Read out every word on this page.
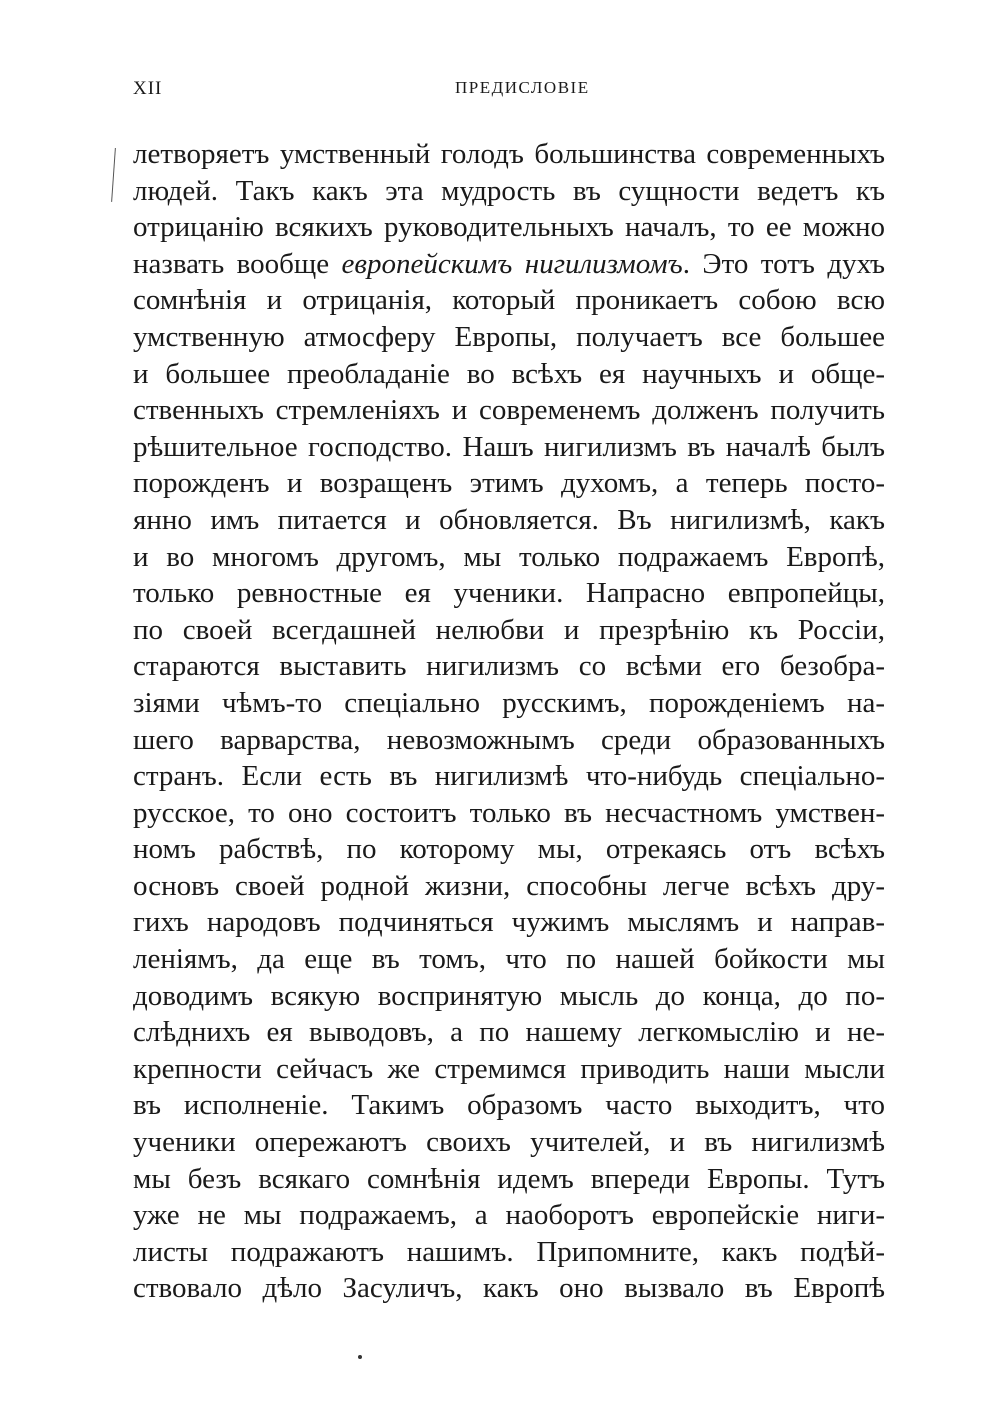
XII	ПРЕДИСЛОВІЕ
летворяетъ умственный голодъ большинства современныхъ
людей. Такъ какъ эта мудрость въ сущности ведетъ къ
отрицанію всякихъ руководительныхъ началъ, то ее можно
назвать вообще европейскимъ нигилизмомъ. Это тотъ духъ
сомнѣнія и отрицанія, который проникаетъ собою всю
умственную атмосферу Европы, получаетъ все большее
и большее преобладаніе во всѣхъ ея научныхъ и обще-
ственныхъ стремленіяхъ и современемъ долженъ получить
рѣшительное господство. Нашъ нигилизмъ въ началѣ былъ
порожденъ и возращенъ этимъ духомъ, а теперь посто-
янно имъ питается и обновляется. Въ нигилизмѣ, какъ
и во многомъ другомъ, мы только подражаемъ Европѣ,
только ревностные ея ученики. Напрасно евпропейцы,
по своей всегдашней нелюбви и презрѣнію къ Россіи,
стараются выставить нигилизмъ со всѣми его безобра-
зіями чѣмъ-то спеціально русскимъ, порожденіемъ на-
шего варварства, невозможнымъ среди образованныхъ
странъ. Если есть въ нигилизмѣ что-нибудь спеціально-
русское, то оно состоитъ только въ несчастномъ умствен-
номъ рабствѣ, по которому мы, отрекаясь отъ всѣхъ
основъ своей родной жизни, способны легче всѣхъ дру-
гихъ народовъ подчиняться чужимъ мыслямъ и направ-
леніямъ, да еще въ томъ, что по нашей бойкости мы
доводимъ всякую воспринятую мысль до конца, до по-
слѣднихъ ея выводовъ, а по нашему легкомыслію и не-
крепности сейчасъ же стремимся приводить наши мысли
въ исполненіе. Такимъ образомъ часто выходитъ, что
ученики опережаютъ своихъ учителей, и въ нигилизмѣ
мы безъ всякаго сомнѣнія идемъ впереди Европы. Тутъ
уже не мы подражаемъ, а наоборотъ европейскіе ниги-
листы подражаютъ нашимъ. Припомните, какъ подѣй-
ствовало дѣло Засуличъ, какъ оно вызвало въ Европѣ
